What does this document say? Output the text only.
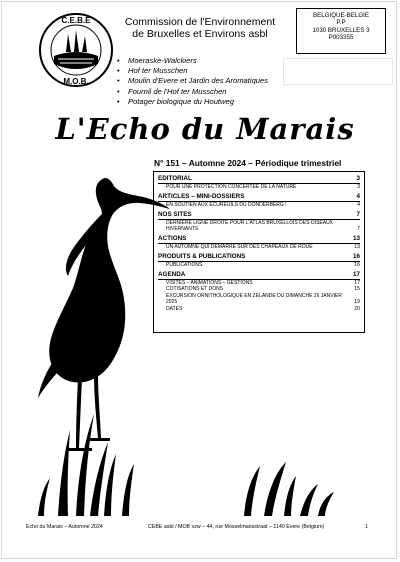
C.E.B.E
M.O.B.
Commission de l'Environnement
de Bruxelles et Environs asbl
BELGIQUE-BELGIE
P.P
1030 BRUXELLES 3
P003355
• Moeraske-Walckiers
• Hof ter Musschen
• Moulin d'Evere et Jardin des Aromatiques
• Fournil de l'Hof ter Musschen
• Potager biologique du Houtweg
L'Echo du Marais
N° 151 – Automne 2024 – Périodique trimestriel
EDITORIAL	3
POUR UNE PROTECTION CONCERTÉE DE LA NATURE	3
ARTICLES – MINI-DOSSIERS	4
EN SOUTIEN AUX ÉCUREUILS DU DONDERBERG !	4
NOS SITES	7
DERNIÈRE LIGNE DROITE POUR L'ATLAS BRUXELLOIS DES OISEAUX HIVERNANTS	7
ACTIONS	13
UN AUTOMNE QUI DÉMARRE SUR DES CHAPEAUX DE ROUE	13
PRODUITS & PUBLICATIONS	16
PUBLICATIONS	16
AGENDA	17
VISITES – ANIMATIONS – GESTIONS	17
COTISATIONS ET DONS	15
EXCURSION ORNITHOLOGIQUE EN ZÉLANDE DU DIMANCHE 26 JANVIER 2025	19
DATES	20
Echo du Marais – Automne 2024	CEBE asbl / MOB vzw – 44, rue Mosselmansstraat – 1140 Evere (Belgium)	1
